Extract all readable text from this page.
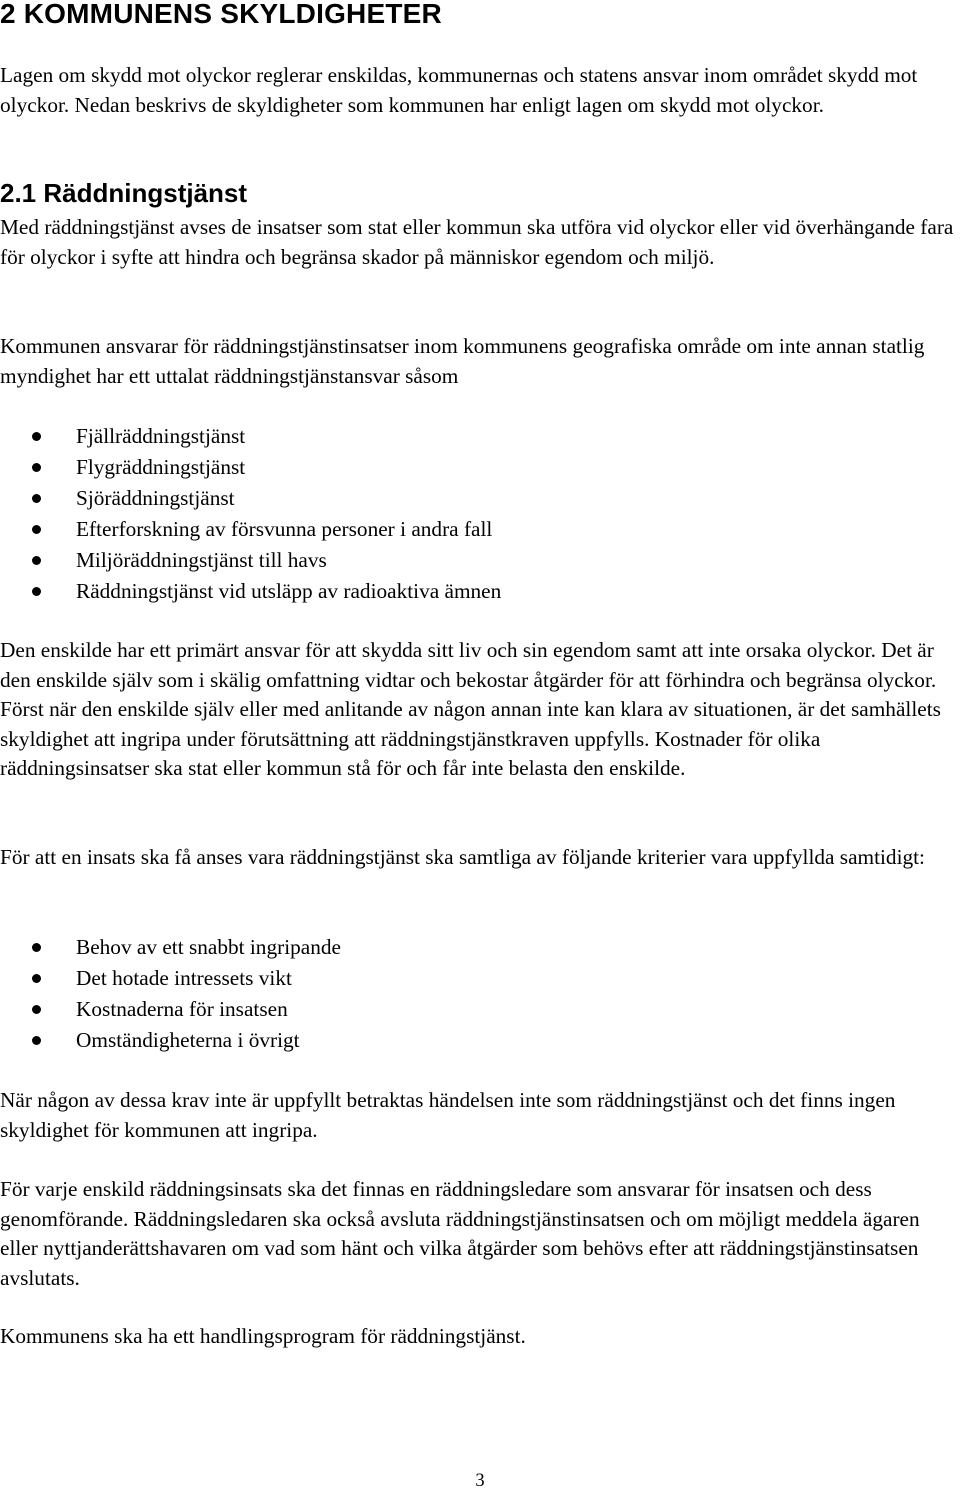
2 KOMMUNENS SKYLDIGHETER

Lagen om skydd mot olyckor reglerar enskildas, kommunernas och statens ansvar inom området skydd mot olyckor. Nedan beskrivs de skyldigheter som kommunen har enligt lagen om skydd mot olyckor.

2.1 Räddningstjänst

Med räddningstjänst avses de insatser som stat eller kommun ska utföra vid olyckor eller vid överhängande fara för olyckor i syfte att hindra och begränsa skador på människor egendom och miljö.

Kommunen ansvarar för räddningstjänstinsatser inom kommunens geografiska område om inte annan statlig myndighet har ett uttalat räddningstjänstansvar såsom

Fjällräddningstjänst
Flygräddningstjänst
Sjöräddningstjänst
Efterforskning av försvunna personer i andra fall
Miljöräddningstjänst till havs
Räddningstjänst vid utsläpp av radioaktiva ämnen

Den enskilde har ett primärt ansvar för att skydda sitt liv och sin egendom samt att inte orsaka olyckor. Det är den enskilde själv som i skälig omfattning vidtar och bekostar åtgärder för att förhindra och begränsa olyckor. Först när den enskilde själv eller med anlitande av någon annan inte kan klara av situationen, är det samhällets skyldighet att ingripa under förutsättning att räddningstjänstkraven uppfylls. Kostnader för olika räddningsinsatser ska stat eller kommun stå för och får inte belasta den enskilde.

För att en insats ska få anses vara räddningstjänst ska samtliga av följande kriterier vara uppfyllda samtidigt:

Behov av ett snabbt ingripande
Det hotade intressets vikt
Kostnaderna för insatsen
Omständigheterna i övrigt

När någon av dessa krav inte är uppfyllt betraktas händelsen inte som räddningstjänst och det finns ingen skyldighet för kommunen att ingripa.

För varje enskild räddningsinsats ska det finnas en räddningsledare som ansvarar för insatsen och dess genomförande. Räddningsledaren ska också avsluta räddningstjänstinsatsen och om möjligt meddela ägaren eller nyttjanderättshavaren om vad som hänt och vilka åtgärder som behövs efter att räddningstjänstinsatsen avslutats.

Kommunens ska ha ett handlingsprogram för räddningstjänst.

3
